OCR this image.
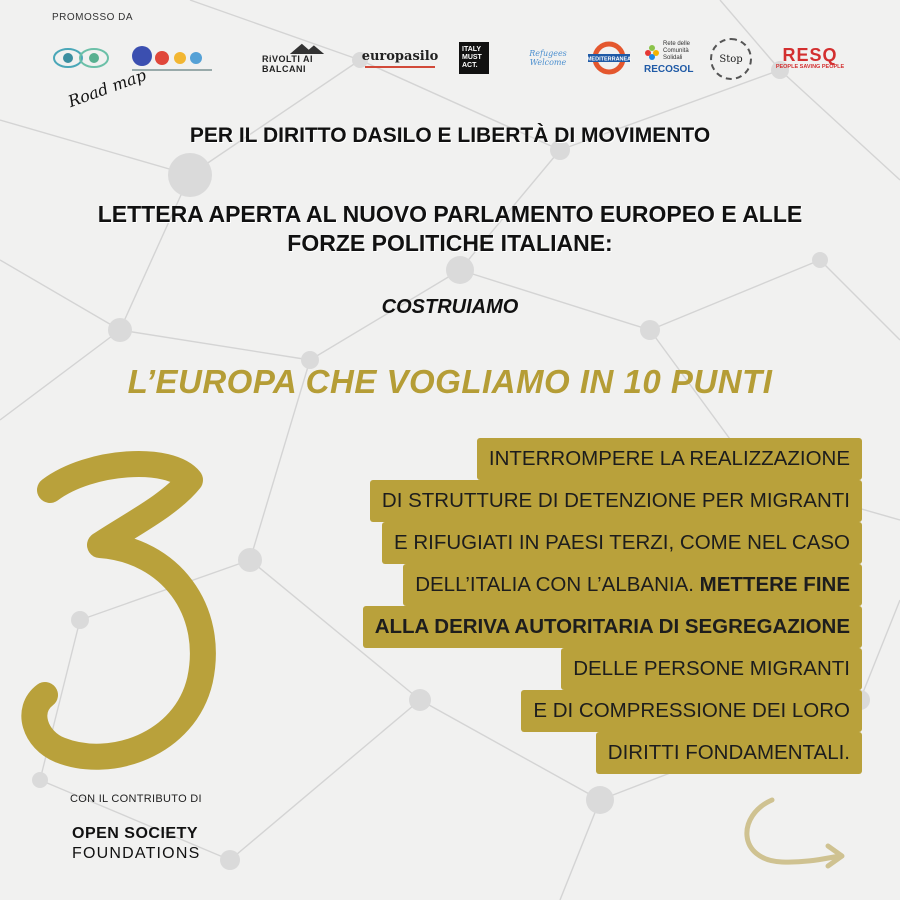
PROMOSSO DA
RiVOLTI AI BALCANI
europasilo	ITALY MUST ACT.
Refugees Welcome	MEDITERRANEA
Rete delle Comunità Solidali
RECOSOL
Stop RESQ
PEOPLE SAVING PEOPLE
Road map
PER IL DIRITTO DASILO E LIBERTÀ DI MOVIMENTO
LETTERA APERTA AL NUOVO PARLAMENTO EUROPEO E ALLE
FORZE POLITICHE ITALIANE:
COSTRUIAMO
L’EUROPA CHE VOGLIAMO IN 10 PUNTI
INTERROMPERE LA REALIZZAZIONE
DI STRUTTURE DI DETENZIONE PER MIGRANTI
E RIFUGIATI IN PAESI TERZI, COME NEL CASO
DELL’ITALIA CON L’ALBANIA. METTERE FINE
ALLA DERIVA AUTORITARIA DI SEGREGAZIONE
DELLE PERSONE MIGRANTI
E DI COMPRESSIONE DEI LORO
DIRITTI FONDAMENTALI.
CON IL CONTRIBUTO DI
OPEN SOCIETY
FOUNDATIONS
